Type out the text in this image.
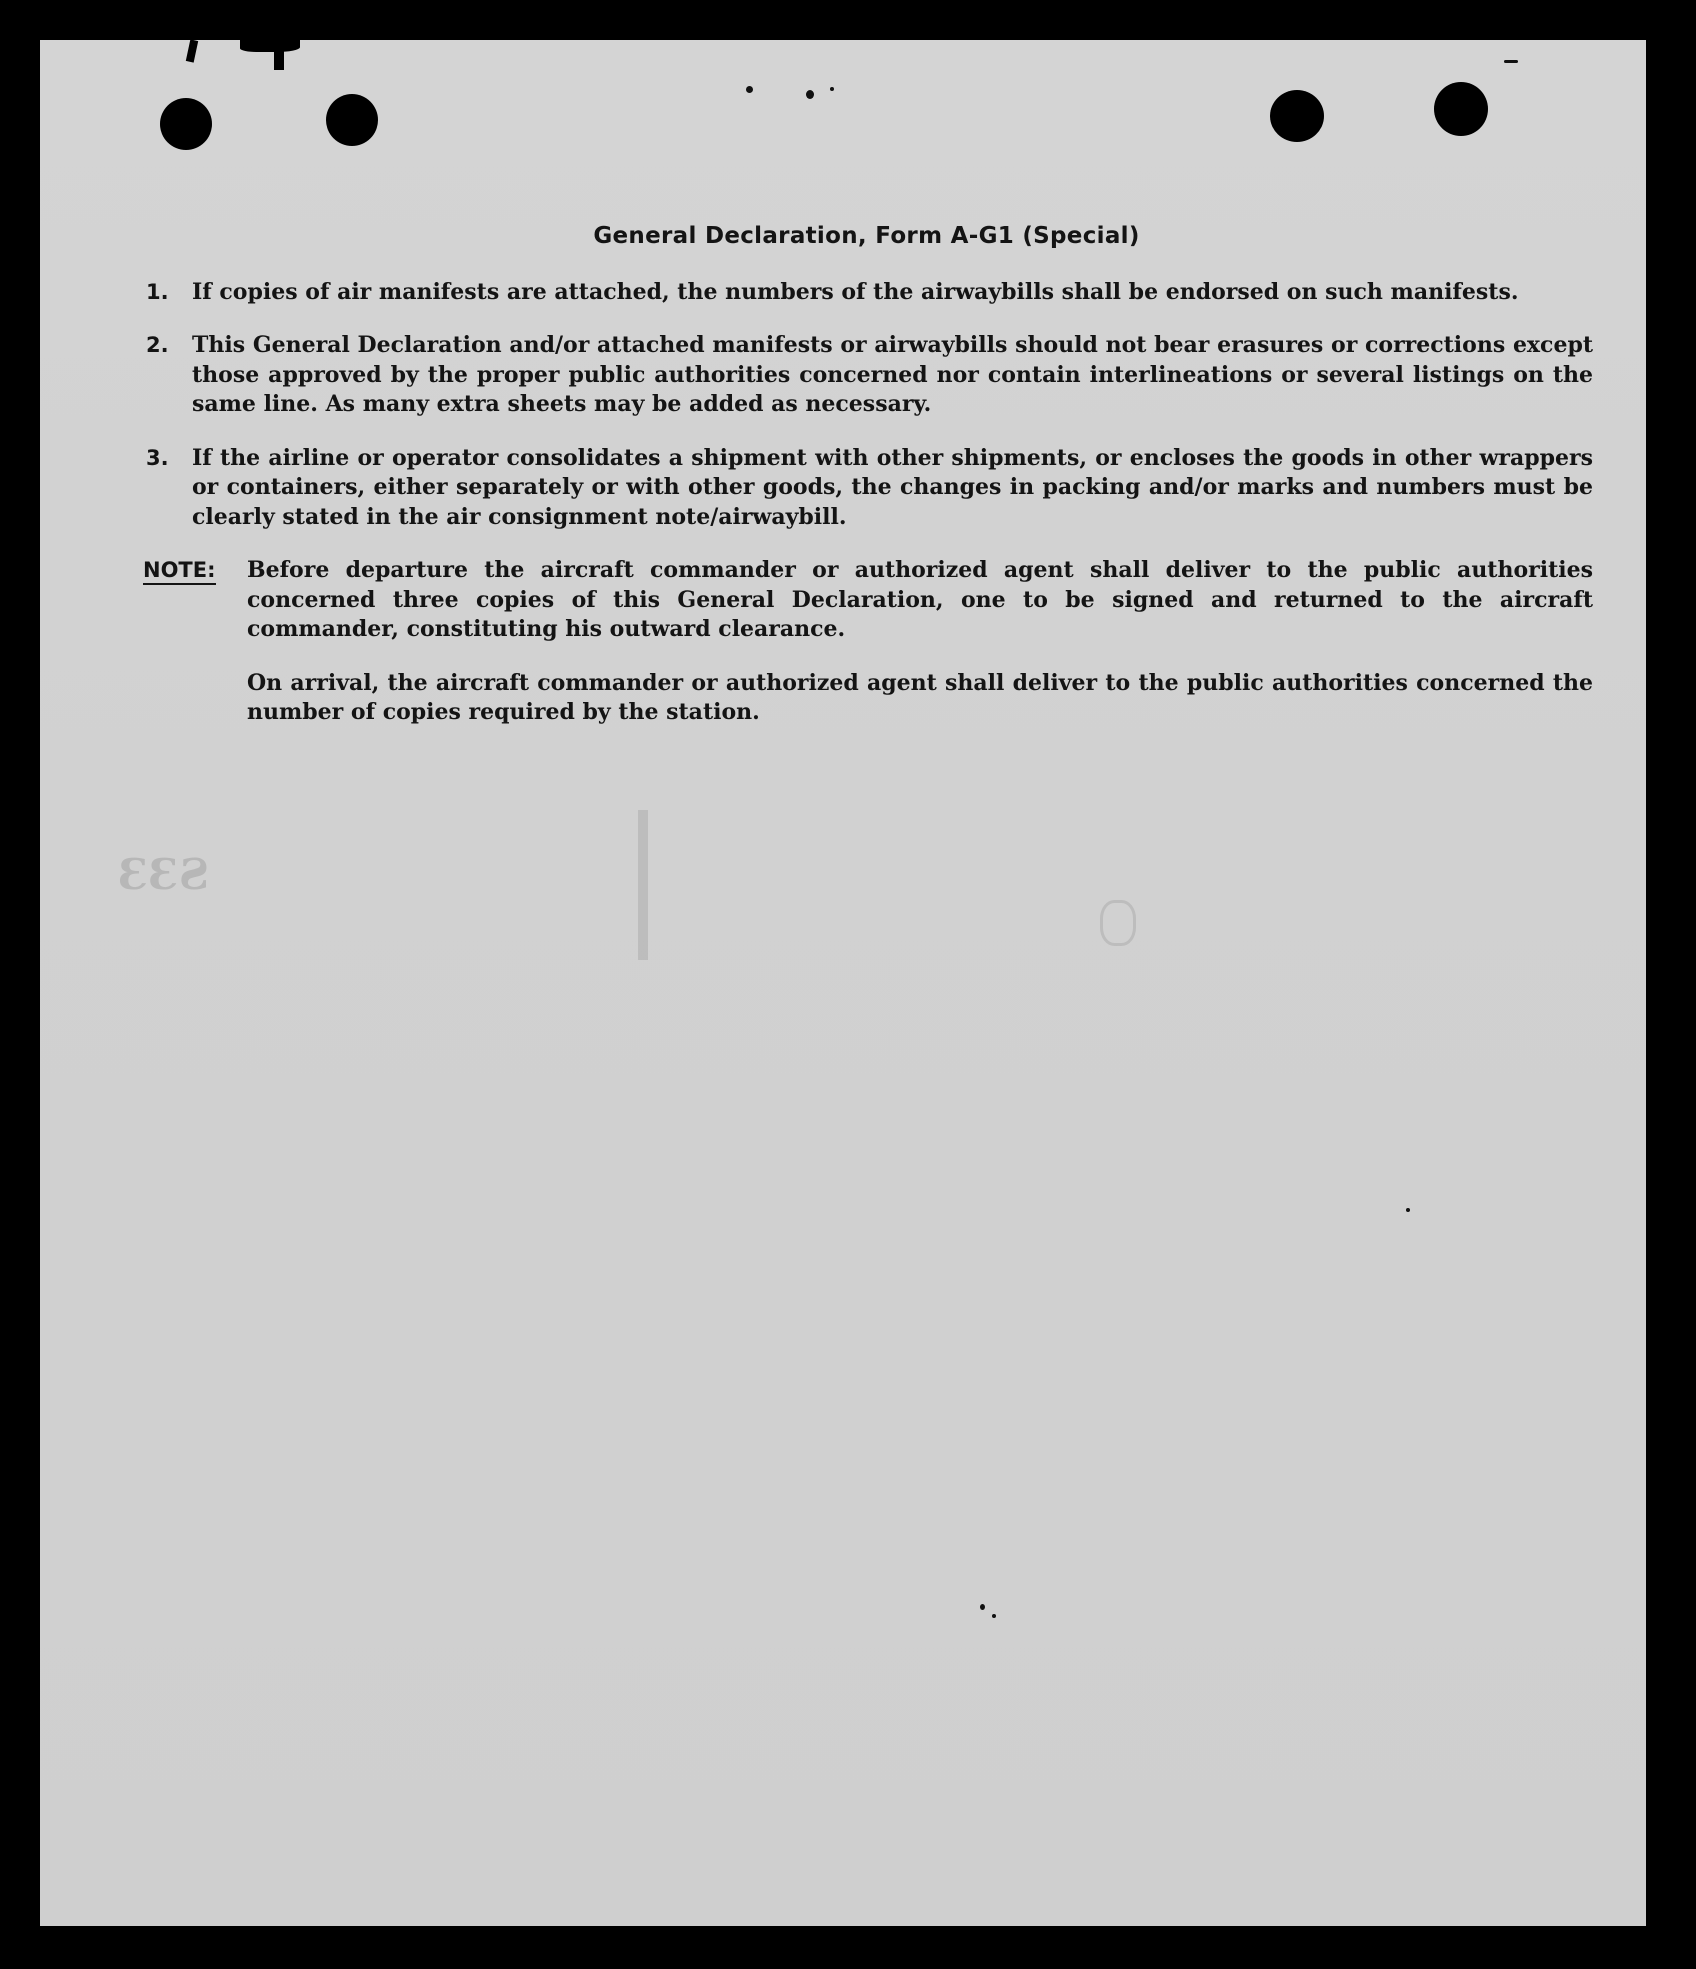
ƐƐƧ
General Declaration, Form A-G1 (Special)
1.	If copies of air manifests are attached, the numbers of the airwaybills shall be endorsed on such manifests.
2.	This General Declaration and/or attached manifests or airwaybills should not bear erasures or corrections except those approved by the proper public authorities concerned nor contain interlineations or several listings on the same line. As many extra sheets may be added as necessary.
3.	If the airline or operator consolidates a shipment with other shipments, or encloses the goods in other wrappers or containers, either separately or with other goods, the changes in packing and/or marks and numbers must be clearly stated in the air consignment note/airwaybill.
NOTE:	Before departure the aircraft commander or authorized agent shall deliver to the public authorities concerned three copies of this General Declaration, one to be signed and returned to the aircraft commander, constituting his outward clearance.

On arrival, the aircraft commander or authorized agent shall deliver to the public authorities concerned the number of copies required by the station.
